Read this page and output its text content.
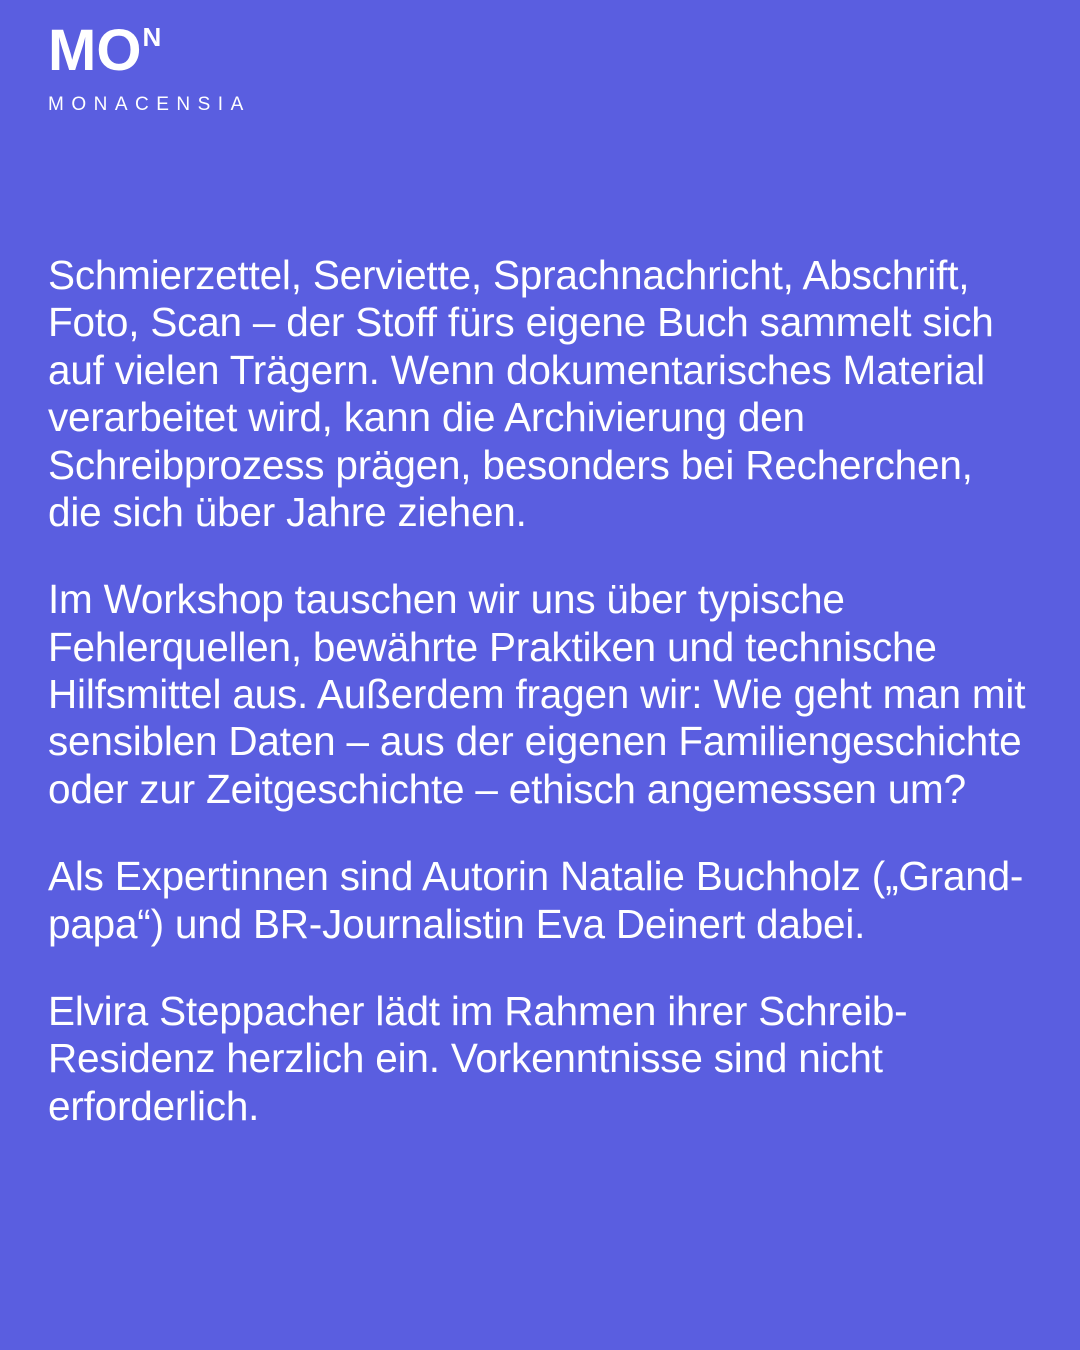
MO N
MONACENSIA

Schmierzettel, Serviette, Sprachnachricht, Abschrift, Foto, Scan – der Stoff fürs eigene Buch sammelt sich auf vielen Trägern. Wenn dokumentarisches Material verarbeitet wird, kann die Archivierung den Schreibprozess prägen, besonders bei Recherchen, die sich über Jahre ziehen.

Im Workshop tauschen wir uns über typische Fehlerquellen, bewährte Praktiken und technische Hilfsmittel aus. Außerdem fragen wir: Wie geht man mit sensiblen Daten – aus der eigenen Familiengeschichte oder zur Zeitgeschichte – ethisch angemessen um?

Als Expertinnen sind Autorin Natalie Buchholz („Grand-papa“) und BR-Journalistin Eva Deinert dabei.

Elvira Steppacher lädt im Rahmen ihrer Schreib-Residenz herzlich ein. Vorkenntnisse sind nicht erforderlich.
